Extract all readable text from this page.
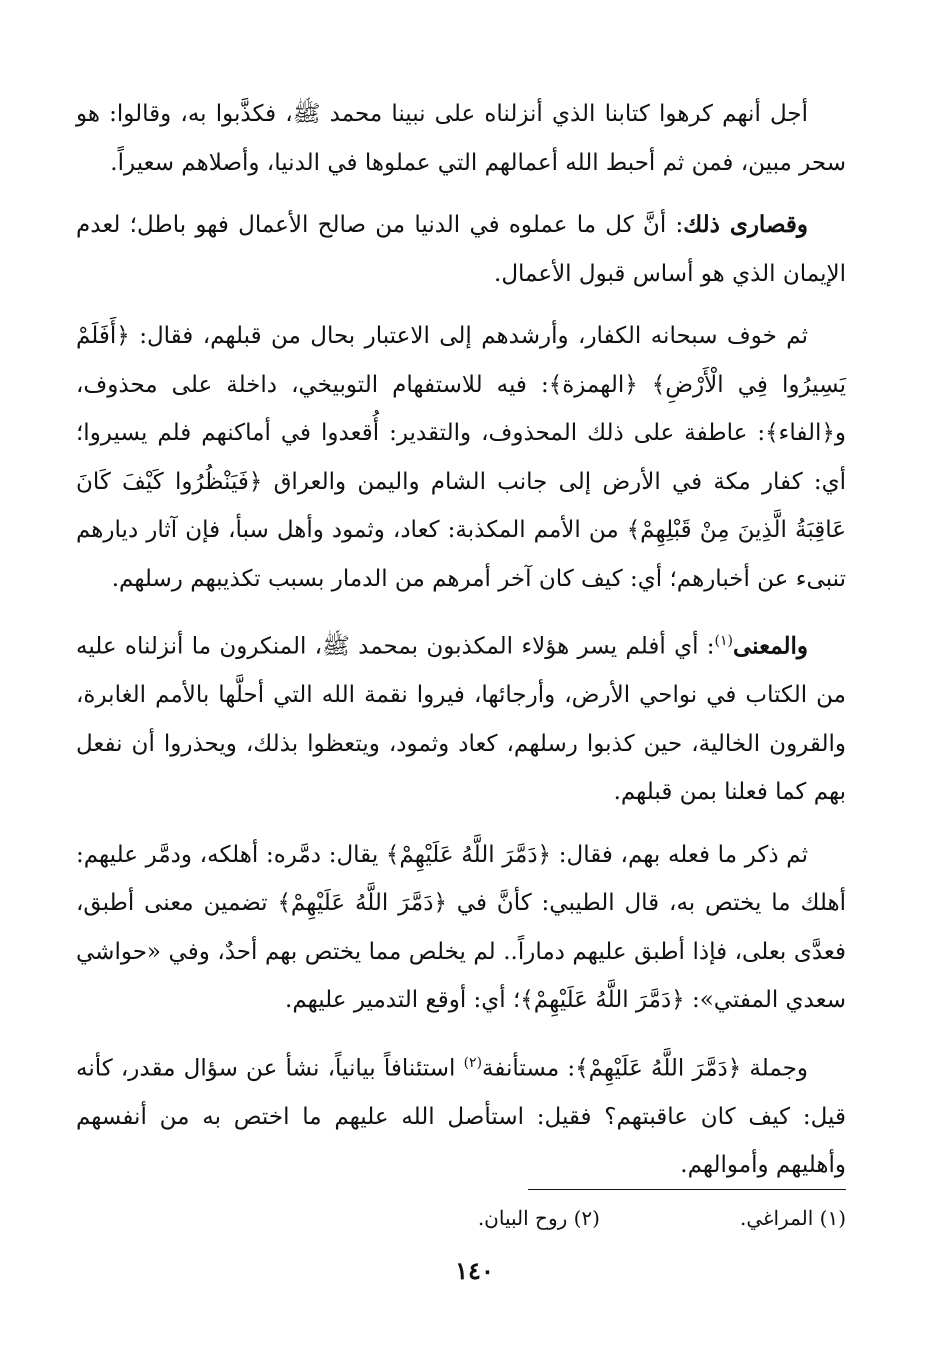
أجل أنهم كرهوا كتابنا الذي أنزلناه على نبينا محمد ﷺ، فكذَّبوا به، وقالوا: هو سحر مبين، فمن ثم أحبط الله أعمالهم التي عملوها في الدنيا، وأصلاهم سعيراً.

وقصارى ذلك: أنَّ كل ما عملوه في الدنيا من صالح الأعمال فهو باطل؛ لعدم الإيمان الذي هو أساس قبول الأعمال.

ثم خوف سبحانه الكفار، وأرشدهم إلى الاعتبار بحال من قبلهم، فقال: ﴿أَفَلَمْ يَسِيرُوا فِي الْأَرْضِ﴾ ﴿الهمزة﴾: فيه للاستفهام التوبيخي، داخلة على محذوف، و﴿الفاء﴾: عاطفة على ذلك المحذوف، والتقدير: أُقعدوا في أماكنهم فلم يسيروا؛ أي: كفار مكة في الأرض إلى جانب الشام واليمن والعراق ﴿فَيَنْظُرُوا كَيْفَ كَانَ عَاقِبَةُ الَّذِينَ مِنْ قَبْلِهِمْ﴾ من الأمم المكذبة: كعاد، وثمود وأهل سبأ، فإن آثار ديارهم تنبىء عن أخبارهم؛ أي: كيف كان آخر أمرهم من الدمار بسبب تكذيبهم رسلهم.

والمعنى$^{(١)}$: أي أفلم يسر هؤلاء المكذبون بمحمد ﷺ، المنكرون ما أنزلناه عليه من الكتاب في نواحي الأرض، وأرجائها، فيروا نقمة الله التي أحلَّها بالأمم الغابرة، والقرون الخالية، حين كذبوا رسلهم، كعاد وثمود، ويتعظوا بذلك، ويحذروا أن نفعل بهم كما فعلنا بمن قبلهم.

ثم ذكر ما فعله بهم، فقال: ﴿دَمَّرَ اللَّهُ عَلَيْهِمْ﴾ يقال: دمَّره: أهلكه، ودمَّر عليهم: أهلك ما يختص به، قال الطيبي: كأنَّ في ﴿دَمَّرَ اللَّهُ عَلَيْهِمْ﴾ تضمين معنى أطبق، فعدَّى بعلى، فإذا أطبق عليهم دماراً.. لم يخلص مما يختص بهم أحدٌ، وفي «حواشي سعدي المفتي»: ﴿دَمَّرَ اللَّهُ عَلَيْهِمْ﴾؛ أي: أوقع التدمير عليهم.

وجملة ﴿دَمَّرَ اللَّهُ عَلَيْهِمْ﴾: مستأنفة$^{(٢)}$ استئنافاً بيانياً، نشأ عن سؤال مقدر، كأنه قيل: كيف كان عاقبتهم؟ فقيل: استأصل الله عليهم ما اختص به من أنفسهم وأهليهم وأموالهم.

(١) المراغي.
(٢) روح البيان.
١٤٠
